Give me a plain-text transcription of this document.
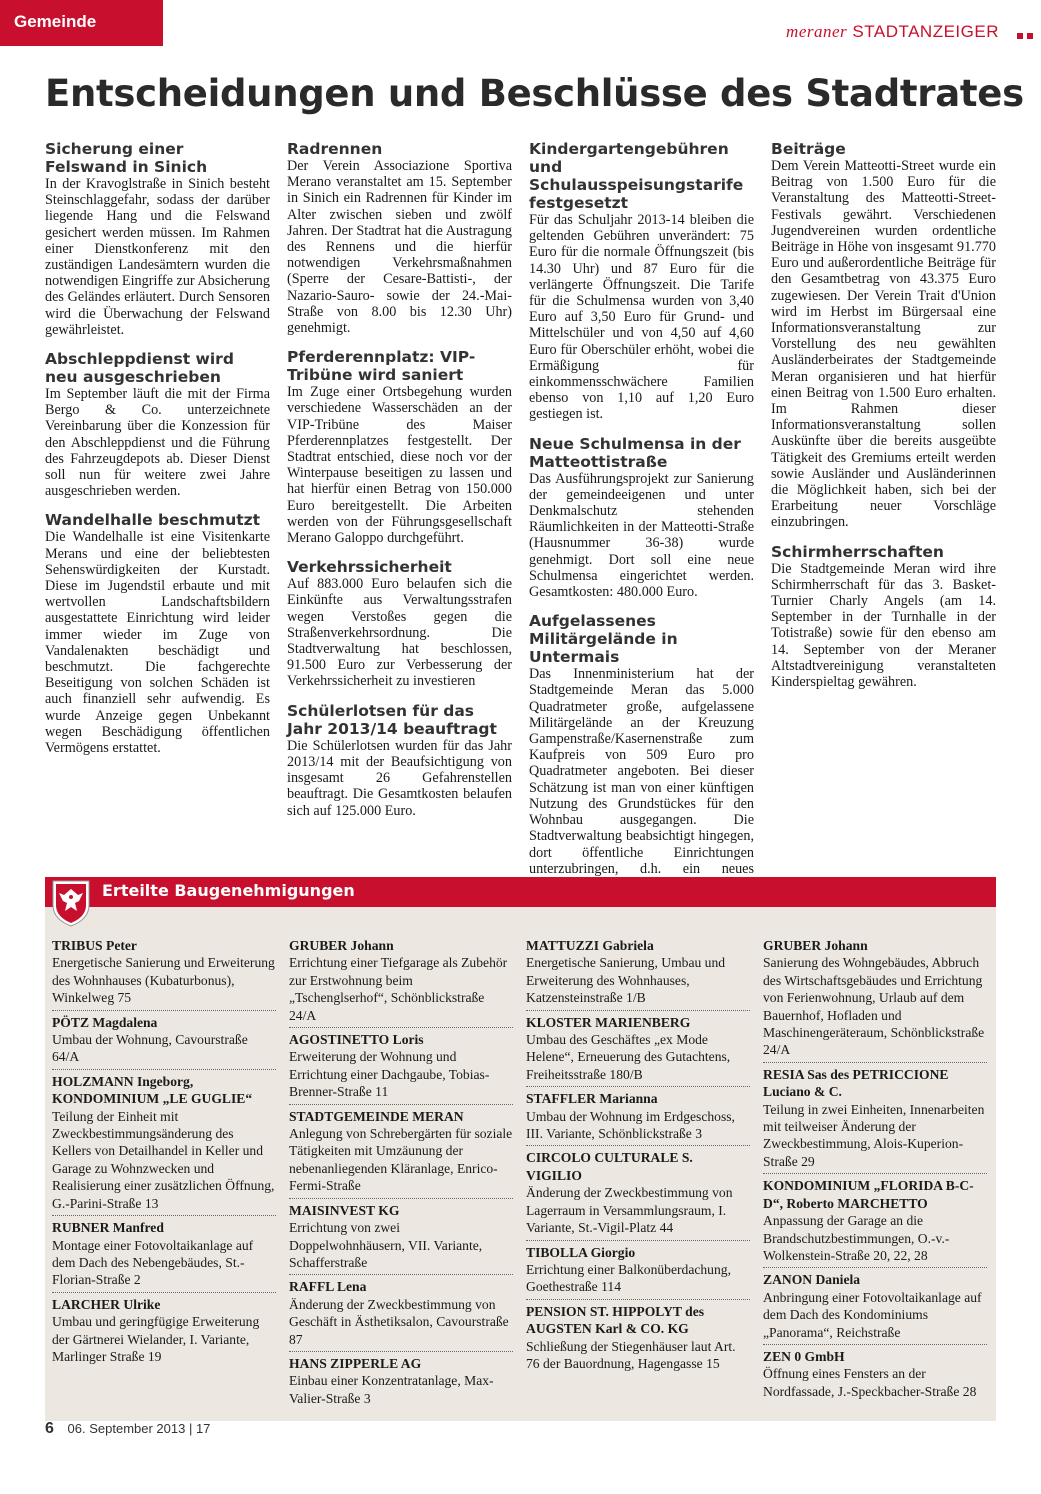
Gemeinde
meraner STADTANZEIGER
Entscheidungen und Beschlüsse des Stadtrates
Sicherung einer Felswand in Sinich

In der Kravoglstraße in Sinich besteht Steinschlaggefahr, sodass der darüber liegende Hang und die Felswand gesichert werden müssen. Im Rahmen einer Dienstkonferenz mit den zuständigen Landesämtern wurden die notwendigen Eingriffe zur Absicherung des Geländes erläutert. Durch Sensoren wird die Überwachung der Felswand gewährleistet.

Abschleppdienst wird neu ausgeschrieben

Im September läuft die mit der Firma Bergo & Co. unterzeichnete Vereinbarung über die Konzession für den Abschleppdienst und die Führung des Fahrzeugdepots ab. Dieser Dienst soll nun für weitere zwei Jahre ausgeschrieben werden.

Wandelhalle beschmutzt

Die Wandelhalle ist eine Visitenkarte Merans und eine der beliebtesten Sehenswürdigkeiten der Kurstadt. Diese im Jugendstil erbaute und mit wertvollen Landschaftsbildern ausgestattete Einrichtung wird leider immer wieder im Zuge von Vandalenakten beschädigt und beschmutzt. Die fachgerechte Beseitigung von solchen Schäden ist auch finanziell sehr aufwendig. Es wurde Anzeige gegen Unbekannt wegen Beschädigung öffentlichen Vermögens erstattet.

Radrennen

Der Verein Associazione Sportiva Merano veranstaltet am 15. September in Sinich ein Radrennen für Kinder im Alter zwischen sieben und zwölf Jahren. Der Stadtrat hat die Austragung des Rennens und die hierfür notwendigen Verkehrsmaßnahmen (Sperre der Cesare-Battisti-, der Nazario-Sauro- sowie der 24.-Mai-Straße von 8.00 bis 12.30 Uhr) genehmigt.

Pferderennplatz: VIP-Tribüne wird saniert

Im Zuge einer Ortsbegehung wurden verschiedene Wasserschäden an der VIP-Tribüne des Maiser Pferderennplatzes festgestellt. Der Stadtrat entschied, diese noch vor der Winterpause beseitigen zu lassen und hat hierfür einen Betrag von 150.000 Euro bereitgestellt. Die Arbeiten werden von der Führungsgesellschaft Merano Galoppo durchgeführt.

Verkehrssicherheit

Auf 883.000 Euro belaufen sich die Einkünfte aus Verwaltungsstrafen wegen Verstoßes gegen die Straßenverkehrsordnung. Die Stadtverwaltung hat beschlossen, 91.500 Euro zur Verbesserung der Verkehrssicherheit zu investieren

Schülerlotsen für das Jahr 2013/14 beauftragt

Die Schülerlotsen wurden für das Jahr 2013/14 mit der Beaufsichtigung von insgesamt 26 Gefahrenstellen beauftragt. Die Gesamtkosten belaufen sich auf 125.000 Euro.

Kindergartengebühren und Schulausspeisungstarife festgesetzt

Für das Schuljahr 2013-14 bleiben die geltenden Gebühren unverändert: 75 Euro für die normale Öffnungszeit (bis 14.30 Uhr) und 87 Euro für die verlängerte Öffnungszeit. Die Tarife für die Schulmensa wurden von 3,40 Euro auf 3,50 Euro für Grund- und Mittelschüler und von 4,50 auf 4,60 Euro für Oberschüler erhöht, wobei die Ermäßigung für einkommensschwächere Familien ebenso von 1,10 auf 1,20 Euro gestiegen ist.

Neue Schulmensa in der Matteottistraße

Das Ausführungsprojekt zur Sanierung der gemeindeeigenen und unter Denkmalschutz stehenden Räumlichkeiten in der Matteotti-Straße (Hausnummer 36-38) wurde genehmigt. Dort soll eine neue Schulmensa eingerichtet werden. Gesamtkosten: 480.000 Euro.

Aufgelassenes Militärgelände in Untermais

Das Innenministerium hat der Stadtgemeinde Meran das 5.000 Quadratmeter große, aufgelassene Militärgelände an der Kreuzung Gampenstraße/Kasernenstraße zum Kaufpreis von 509 Euro pro Quadratmeter angeboten. Bei dieser Schätzung ist man von einer künftigen Nutzung des Grundstückes für den Wohnbau ausgegangen. Die Stadtverwaltung beabsichtigt hingegen, dort öffentliche Einrichtungen unterzubringen, d.h. ein neues

Beiträge

Dem Verein Matteotti-Street wurde ein Beitrag von 1.500 Euro für die Veranstaltung des Matteotti-Street-Festivals gewährt. Verschiedenen Jugendvereinen wurden ordentliche Beiträge in Höhe von insgesamt 91.770 Euro und außerordentliche Beiträge für den Gesamtbetrag von 43.375 Euro zugewiesen. Der Verein Trait d'Union wird im Herbst im Bürgersaal eine Informationsveranstaltung zur Vorstellung des neu gewählten Ausländerbeirates der Stadtgemeinde Meran organisieren und hat hierfür einen Beitrag von 1.500 Euro erhalten. Im Rahmen dieser Informationsveranstaltung sollen Auskünfte über die bereits ausgeübte Tätigkeit des Gremiums erteilt werden sowie Ausländer und Ausländerinnen die Möglichkeit haben, sich bei der Erarbeitung neuer Vorschläge einzubringen.

Schirmherrschaften

Die Stadtgemeinde Meran wird ihre Schirmherrschaft für das 3. Basket-Turnier Charly Angels (am 14. September in der Turnhalle in der Totistraße) sowie für den ebenso am 14. September von der Meraner Altstadtvereinigung veranstalteten Kinderspieltag gewähren.

Erteilte Baugenehmigungen
TRIBUS Peter
Energetische Sanierung und Erweiterung des Wohnhauses (Kubaturbonus), Winkelweg 75
PÖTZ Magdalena
Umbau der Wohnung, Cavourstraße 64/A
HOLZMANN Ingeborg, KONDOMINIUM „LE GUGLIE“
Teilung der Einheit mit Zweckbestimmungsänderung des Kellers von Detailhandel in Keller und Garage zu Wohnzwecken und Realisierung einer zusätzlichen Öffnung, G.-Parini-Straße 13
RUBNER Manfred
Montage einer Fotovoltaikanlage auf dem Dach des Nebengebäudes, St.-Florian-Straße 2
LARCHER Ulrike
Umbau und geringfügige Erweiterung der Gärtnerei Wielander, I. Variante, Marlinger Straße 19
GRUBER Johann
Errichtung einer Tiefgarage als Zubehör zur Erstwohnung beim „Tschenglserhof“, Schönblickstraße 24/A
AGOSTINETTO Loris
Erweiterung der Wohnung und Errichtung einer Dachgaube, Tobias-Brenner-Straße 11
STADTGEMEINDE MERAN
Anlegung von Schrebergärten für soziale Tätigkeiten mit Umzäunung der nebenanliegenden Kläranlage, Enrico-Fermi-Straße
MAISINVEST KG
Errichtung von zwei Doppelwohnhäusern, VII. Variante, Schafferstraße
RAFFL Lena
Änderung der Zweckbestimmung von Geschäft in Ästhetiksalon, Cavourstraße 87
HANS ZIPPERLE AG
Einbau einer Konzentratanlage, Max-Valier-Straße 3
MATTUZZI Gabriela
Energetische Sanierung, Umbau und Erweiterung des Wohnhauses, Katzensteinstraße 1/B
KLOSTER MARIENBERG
Umbau des Geschäftes „ex Mode Helene“, Erneuerung des Gutachtens, Freiheitsstraße 180/B
STAFFLER Marianna
Umbau der Wohnung im Erdgeschoss, III. Variante, Schönblickstraße 3
CIRCOLO CULTURALE S. VIGILIO
Änderung der Zweckbestimmung von Lagerraum in Versammlungsraum, I. Variante, St.-Vigil-Platz 44
TIBOLLA Giorgio
Errichtung einer Balkonüberdachung, Goethestraße 114
PENSION ST. HIPPOLYT des AUGSTEN Karl & CO. KG
Schließung der Stiegenhäuser laut Art. 76 der Bauordnung, Hagengasse 15
GRUBER Johann
Sanierung des Wohngebäudes, Abbruch des Wirtschaftsgebäudes und Errichtung von Ferienwohnung, Urlaub auf dem Bauernhof, Hofladen und Maschinengeräteraum, Schönblickstraße 24/A
RESIA Sas des PETRICCIONE Luciano & C.
Teilung in zwei Einheiten, Innenarbeiten mit teilweiser Änderung der Zweckbestimmung, Alois-Kuperion-Straße 29
KONDOMINIUM „FLORIDA B-C-D“, Roberto MARCHETTO
Anpassung der Garage an die Brandschutzbestimmungen, O.-v.-Wolkenstein-Straße 20, 22, 28
ZANON Daniela
Anbringung einer Fotovoltaikanlage auf dem Dach des Kondominiums „Panorama“, Reichstraße
ZEN 0 GmbH
Öffnung eines Fensters an der Nordfassade, J.-Speckbacher-Straße 28
6 06. September 2013 | 17
